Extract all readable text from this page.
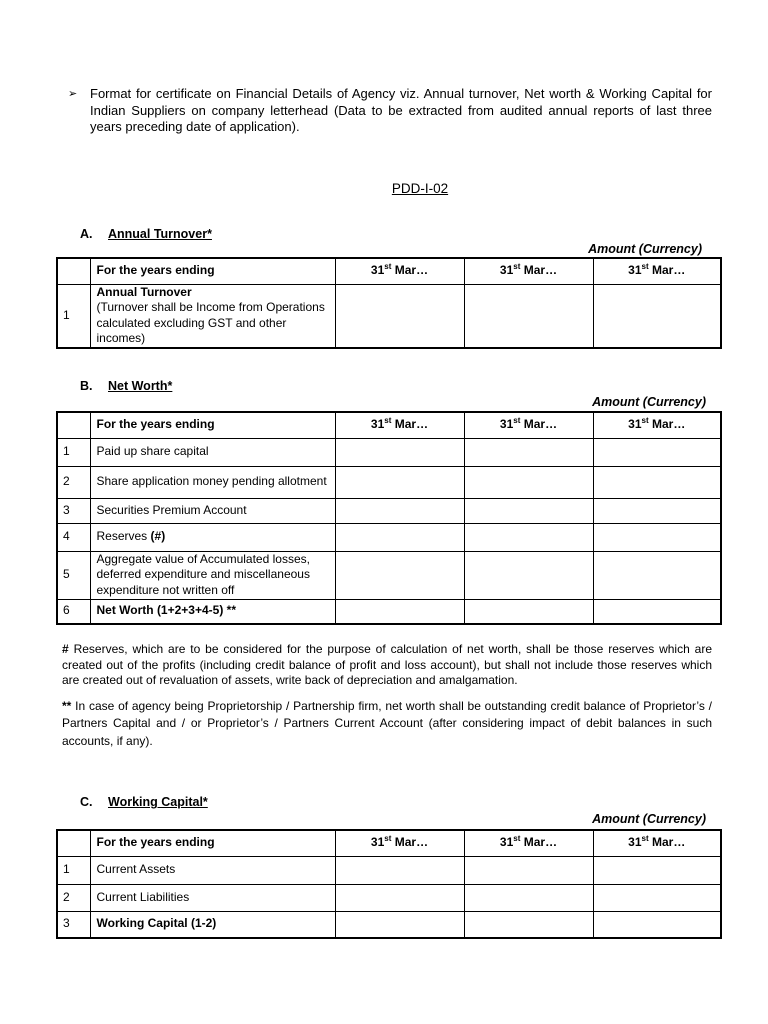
➢ Format for certificate on Financial Details of Agency viz. Annual turnover, Net worth & Working Capital for Indian Suppliers on company letterhead (Data to be extracted from audited annual reports of last three years preceding date of application).
PDD-I-02
A. Annual Turnover*
Amount (Currency)
	For the years ending	31st Mar…	31st Mar…	31st Mar…
1	Annual Turnover
(Turnover shall be Income from Operations calculated excluding GST and other incomes)			

B. Net Worth*
Amount (Currency)
	For the years ending	31st Mar…	31st Mar…	31st Mar…
1	Paid up share capital			
2	Share application money pending allotment			
3	Securities Premium Account			
4	Reserves (#)			
5	Aggregate value of Accumulated losses, deferred expenditure and miscellaneous expenditure not written off			
6	Net Worth (1+2+3+4-5) **			
# Reserves, which are to be considered for the purpose of calculation of net worth, shall be those reserves which are created out of the profits (including credit balance of profit and loss account), but shall not include those reserves which are created out of revaluation of assets, write back of depreciation and amalgamation.
** In case of agency being Proprietorship / Partnership firm, net worth shall be outstanding credit balance of Proprietor’s / Partners Capital and / or Proprietor’s / Partners Current Account (after considering impact of debit balances in such accounts, if any).
C. Working Capital*
Amount (Currency)
	For the years ending	31st Mar…	31st Mar…	31st Mar…
1	Current Assets			
2	Current Liabilities			
3	Working Capital (1-2)			
